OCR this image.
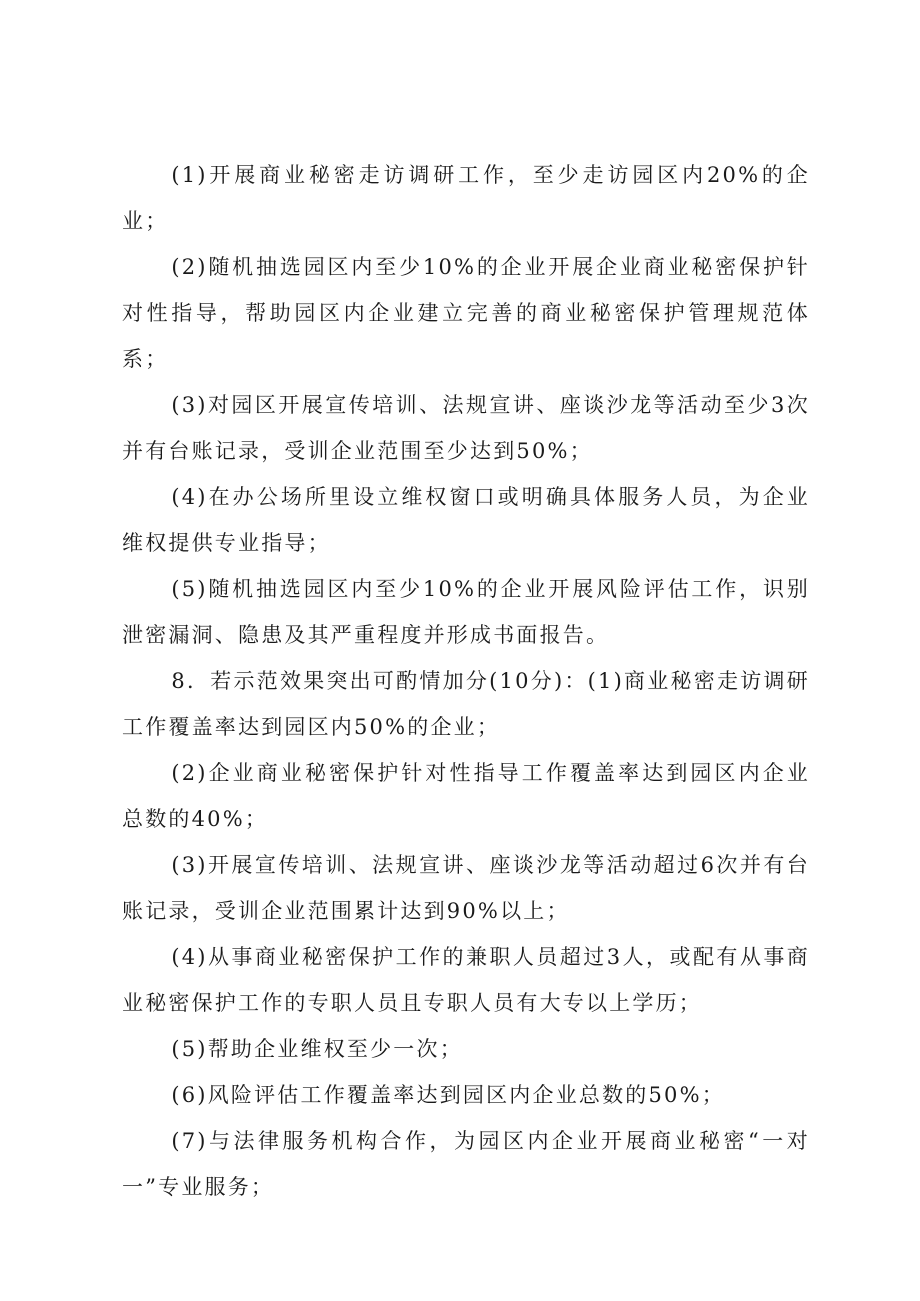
(1)开展商业秘密走访调研工作，至少走访园区内20%的企业；

(2)随机抽选园区内至少10%的企业开展企业商业秘密保护针对性指导，帮助园区内企业建立完善的商业秘密保护管理规范体系；

(3)对园区开展宣传培训、法规宣讲、座谈沙龙等活动至少3次并有台账记录，受训企业范围至少达到50%；

(4)在办公场所里设立维权窗口或明确具体服务人员，为企业维权提供专业指导；

(5)随机抽选园区内至少10%的企业开展风险评估工作，识别泄密漏洞、隐患及其严重程度并形成书面报告。

8．若示范效果突出可酌情加分(10分)：(1)商业秘密走访调研工作覆盖率达到园区内50%的企业；

(2)企业商业秘密保护针对性指导工作覆盖率达到园区内企业总数的40%；

(3)开展宣传培训、法规宣讲、座谈沙龙等活动超过6次并有台账记录，受训企业范围累计达到90%以上；

(4)从事商业秘密保护工作的兼职人员超过3人，或配有从事商业秘密保护工作的专职人员且专职人员有大专以上学历；

(5)帮助企业维权至少一次；

(6)风险评估工作覆盖率达到园区内企业总数的50%；

(7)与法律服务机构合作，为园区内企业开展商业秘密“一对一”专业服务；
